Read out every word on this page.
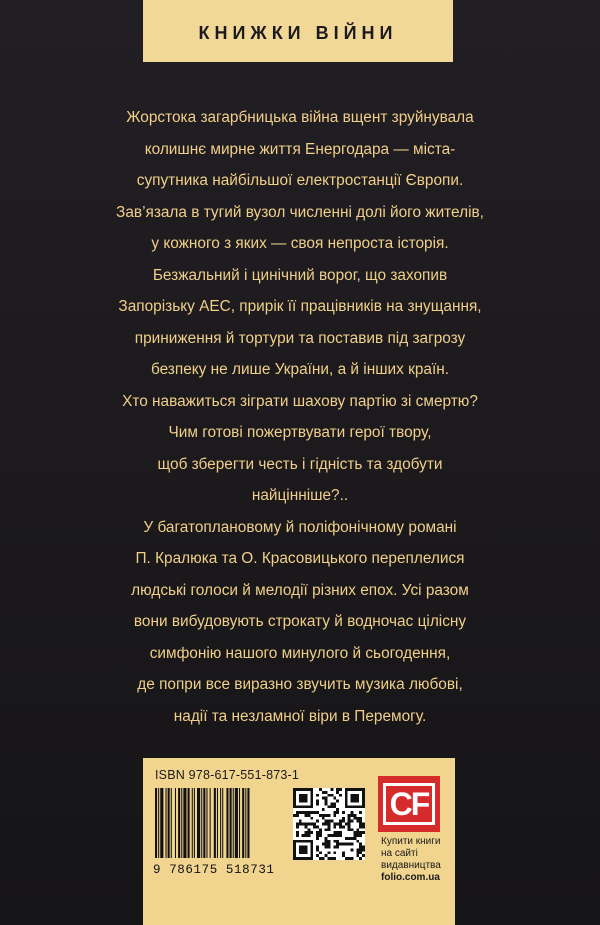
КНИЖКИ ВІЙНИ
Жорстока загарбницька війна вщент зруйнувала
колишнє мирне життя Енергодара — міста-
супутника найбільшої електростанції Європи.
Зав’язала в тугий вузол численні долі його жителів,
у кожного з яких — своя непроста історія.
Безжальний і цинічний ворог, що захопив
Запорізьку АЕС, прирік її працівників на знущання,
приниження й тортури та поставив під загрозу
безпеку не лише України, а й інших країн.
Хто наважиться зіграти шахову партію зі смертю?
Чим готові пожертвувати герої твору,
щоб зберегти честь і гідність та здобути
найцінніше?..
У багатоплановому й поліфонічному романі
П. Кралюка та О. Красовицького переплелися
людські голоси й мелодії різних епох. Усі разом
вони вибудовують строкату й водночас цілісну
симфонію нашого минулого й сьогодення,
де попри все виразно звучить музика любові,
надії та незламної віри в Перемогу.
ISBN 978-617-551-873-1
9 786175 518731
CF
Купити книги
на сайті
видавництва
folio.com.ua
